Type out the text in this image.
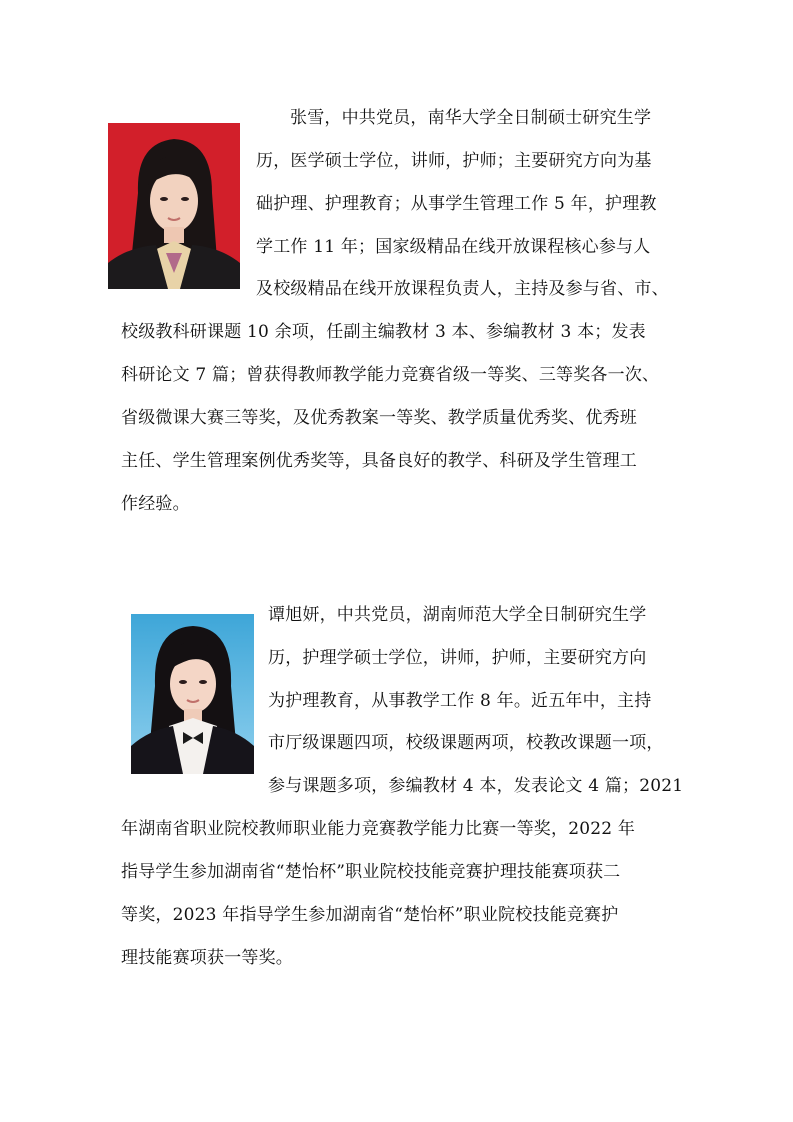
张雪，中共党员，南华大学全日制硕士研究生学
历，医学硕士学位，讲师，护师；主要研究方向为基
础护理、护理教育；从事学生管理工作 5 年，护理教
学工作 11 年；国家级精品在线开放课程核心参与人
及校级精品在线开放课程负责人，主持及参与省、市、
校级教科研课题 10 余项，任副主编教材 3 本、参编教材 3 本；发表
科研论文 7 篇；曾获得教师教学能力竞赛省级一等奖、三等奖各一次、
省级微课大赛三等奖，及优秀教案一等奖、教学质量优秀奖、优秀班
主任、学生管理案例优秀奖等，具备良好的教学、科研及学生管理工
作经验。
谭旭妍，中共党员，湖南师范大学全日制研究生学
历，护理学硕士学位，讲师，护师，主要研究方向
为护理教育，从事教学工作 8 年。近五年中，主持
市厅级课题四项，校级课题两项，校教改课题一项，
参与课题多项，参编教材 4 本，发表论文 4 篇；2021
年湖南省职业院校教师职业能力竞赛教学能力比赛一等奖，2022 年
指导学生参加湖南省“楚怡杯”职业院校技能竞赛护理技能赛项获二
等奖，2023 年指导学生参加湖南省“楚怡杯”职业院校技能竞赛护
理技能赛项获一等奖。
